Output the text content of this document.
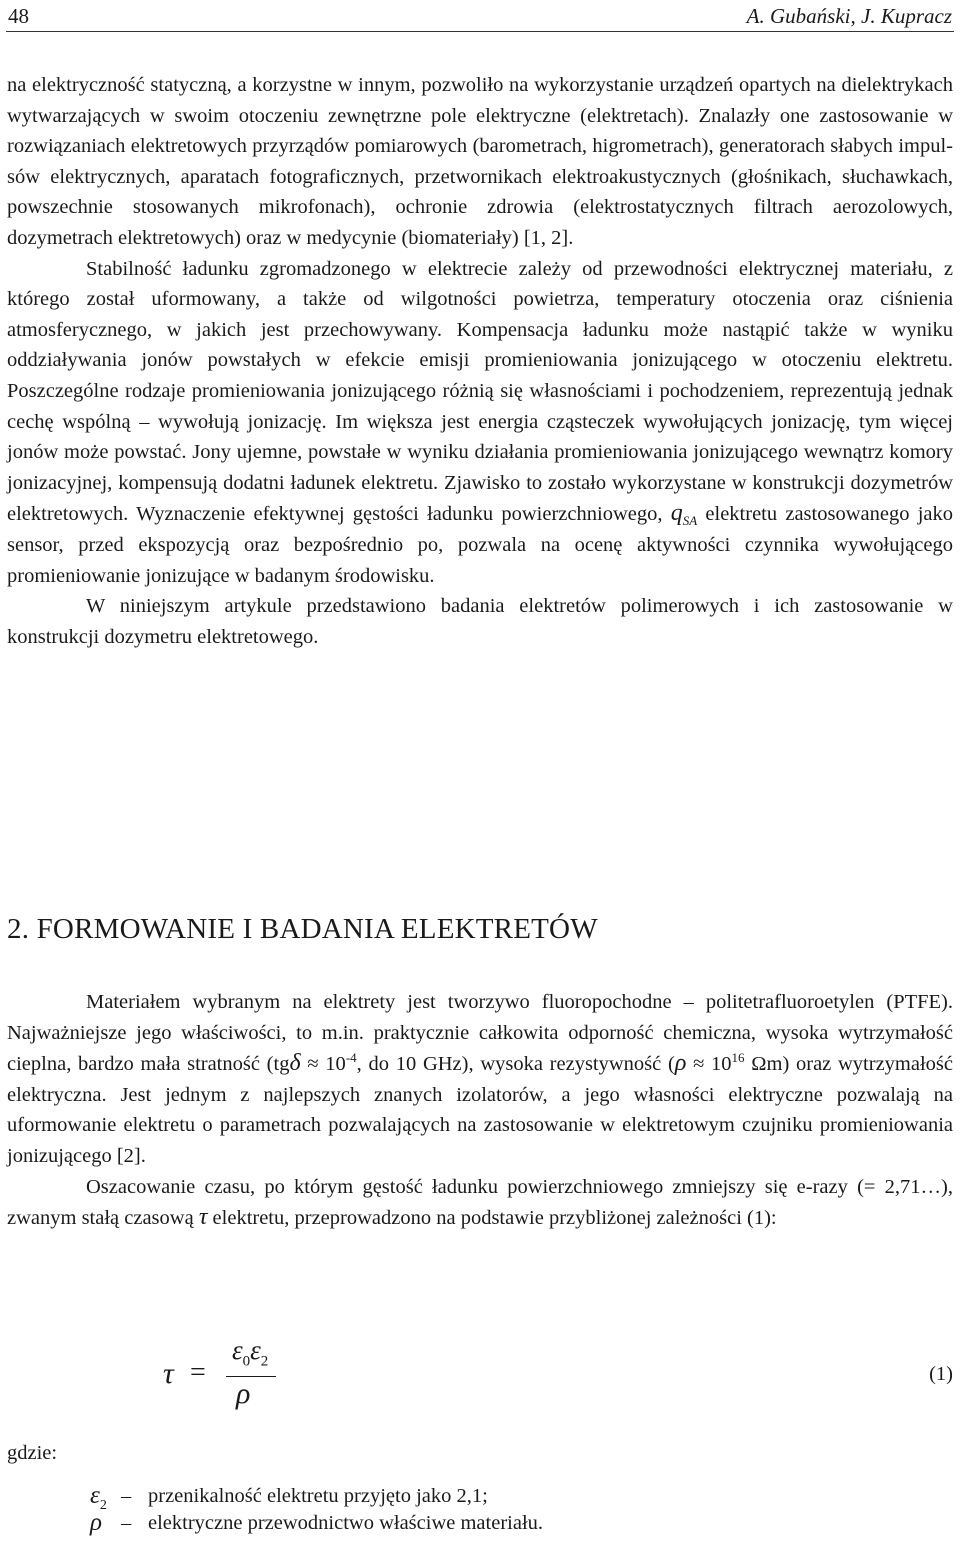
48	A. Gubański, J. Kupracz

na elektryczność statyczną, a korzystne w innym, pozwoliło na wykorzystanie urządzeń opartych na dielektrykach wytwarzających w swoim otoczeniu zewnętrzne pole elektryczne (elektretach). Znalazły one zastosowanie w rozwiązaniach elektretowych przyrządów pomiarowych (barometrach, higrometrach), generatorach słabych impulsów elektrycznych, aparatach fotograficznych, przetwornikach elektroakustycznych (głośnikach, słuchawkach, powszechnie stosowanych mikrofonach), ochronie zdrowia (elektrostatycznych filtrach aerozolowych, dozymetrach elektretowych) oraz w medycynie (biomateriały) [1, 2].

Stabilność ładunku zgromadzonego w elektrecie zależy od przewodności elektrycznej materiału, z którego został uformowany, a także od wilgotności powietrza, temperatury otoczenia oraz ciśnienia atmosferycznego, w jakich jest przechowywany. Kompensacja ładunku może nastąpić także w wyniku oddziaływania jonów powstałych w efekcie emisji promieniowania jonizującego w otoczeniu elektretu. Poszczególne rodzaje promieniowania jonizującego różnią się własnościami i pochodzeniem, reprezentują jednak cechę wspólną – wywołują jonizację. Im większa jest energia cząsteczek wywołujących jonizację, tym więcej jonów może powstać. Jony ujemne, powstałe w wyniku działania promieniowania jonizującego wewnątrz komory jonizacyjnej, kompensują dodatni ładunek elektretu. Zjawisko to zostało wykorzystane w konstrukcji dozymetrów elektretowych. Wyznaczenie efektywnej gęstości ładunku powierzchniowego, $q_{SA}$ elektretu zastosowanego jako sensor, przed ekspozycją oraz bezpośrednio po, pozwala na ocenę aktywności czynnika wywołującego promieniowanie jonizujące w badanym środowisku.

W niniejszym artykule przedstawiono badania elektretów polimerowych i ich zastosowanie w konstrukcji dozymetru elektretowego.

2. FORMOWANIE I BADANIA ELEKTRETÓW

Materiałem wybranym na elektrety jest tworzywo fluoropochodne – politetrafluoroetylen (PTFE). Najważniejsze jego właściwości, to m.in. praktycznie całkowita odporność chemiczna, wysoka wytrzymałość cieplna, bardzo mała stratność ($tg\delta \approx 10^{-4}$, do 10 GHz), wysoka rezystywność ($\rho \approx 10^{16}$ Ωm) oraz wytrzymałość elektryczna. Jest jednym z najlepszych znanych izolatorów, a jego własności elektryczne pozwalają na uformowanie elektretu o parametrach pozwalających na zastosowanie w elektretowym czujniku promieniowania jonizującego [2].

Oszacowanie czasu, po którym gęstość ładunku powierzchniowego zmniejszy się e-razy (= 2,71…), zwanym stałą czasową τ elektretu, przeprowadzono na podstawie przybliżonej zależności (1):

τ =
$\varepsilon_0\varepsilon_2$
ρ
(1)
gdzie:
$\varepsilon_2$ – przenikalność elektretu przyjęto jako 2,1;
ρ – elektryczne przewodnictwo właściwe materiału.
